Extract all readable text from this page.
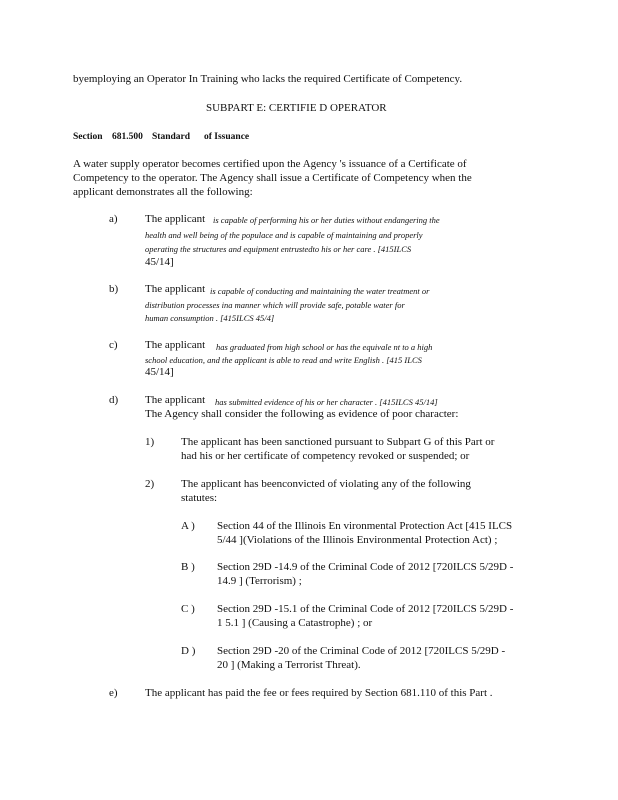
byemploying an Operator In Training who lacks the required Certificate of Competency.
SUBPART E: CERTIFIE D OPERATOR
Section 681.500 Standard of Issuance
A water supply operator becomes certified upon the Agency 's issuance of a Certificate of
Competency to the operator. The Agency shall issue a Certificate of Competency when the
applicant demonstrates all the following:
a) The applicant is capable of performing his or her duties without endangering the
health and well being of the populace and is capable of maintaining and properly
operating the structures and equipment entrustedto his or her care . [415ILCS
45/14]
b) The applicant is capable of conducting and maintaining the water treatment or
distribution processes ina manner which will provide safe, potable water for
human consumption . [415ILCS 45/4]
c) The applicant has graduated from high school or has the equivale nt to a high
school education, and the applicant is able to read and write English . [415 ILCS
45/14]
d) The applicant has submitted evidence of his or her character . [415ILCS 45/14]
The Agency shall consider the following as evidence of poor character:
1) The applicant has been sanctioned pursuant to Subpart G of this Part or
had his or her certificate of competency revoked or suspended; or
2) The applicant has beenconvicted of violating any of the following
statutes:
A ) Section 44 of the Illinois En vironmental Protection Act [415 ILCS
5/44 ](Violations of the Illinois Environmental Protection Act) ;
B ) Section 29D -14.9 of the Criminal Code of 2012 [720ILCS 5/29D -
14.9 ] (Terrorism) ;
C ) Section 29D -15.1 of the Criminal Code of 2012 [720ILCS 5/29D -
1 5.1 ] (Causing a Catastrophe) ; or
D ) Section 29D -20 of the Criminal Code of 2012 [720ILCS 5/29D -
20 ] (Making a Terrorist Threat).
e) The applicant has paid the fee or fees required by Section 681.110 of this Part .
